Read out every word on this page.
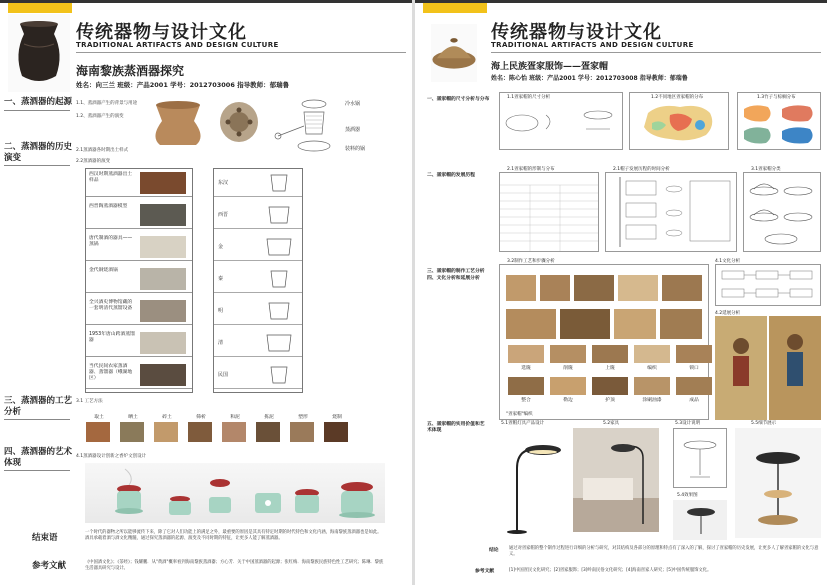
传统器物与设计文化
TRADITIONAL ARTIFACTS AND DESIGN CULTURE
海南黎族蒸酒器探究
姓名：向三兰 班级：产品2001 学号：2012703006 指导教师：郁瑞鲁
一、蒸酒器的起源 1.1、蒸酒器产生的背景与用途
1.2、蒸酒器产生的演变
冷水锅
蒸酒器
装料的锅
二、蒸酒器的历史
演变
2.1蒸酒器各时期出土样式
2.2蒸酒器的演变
西汉时期蒸酒器出土样品
西晋陶蒸酒器模型
唐代制酒的器具——蒸锅
金代铜烧酒锅
全兴酒史博物馆藏的一套明清代蒸馏设备
1953年唐山跨酒蒸馏器
当代民间农家蒸酒器、蒸馏器（峨湖地区）
东汉
西晋
金
秦
明
清
民国
三、蒸酒器的工艺
分析
3.1 工艺方法
取土	晒土	碎土	筛析	和泥	拣泥	塑形	烧制
四、蒸酒器的艺术
体现
4.1蒸酒器设计创新之香炉文创设计
结束语
一个时代的器物之所以能够流传下来，除了它对人们功能上的满足之外，最重要的原因是其具有特定时期的时代特色和文化内涵，海南黎族蒸酒器也是如此。酒具承载着酒与酒文化精髓，通过探究蒸酒器的起源、演变及不同时期的特征，让更多人能了解蒸酒器。
参考文献	《中国酒文化》；《茶经》；钱耀鹏．从"黄酒"概率看到海南黎族蒸酒器；方心芳．关于中国蒸酒器的起源；张红梅．海南黎族民族特色性工艺研究；陈琳．黎族生活器具研究与设计。
传统器物与设计文化
TRADITIONAL ARTIFACTS AND DESIGN CULTURE
海上民族疍家服饰——疍家帽
姓名：陈心怡 班级：产品2001 学号：2012703008 指导教师：郁瑞鲁
一、疍家帽的尺寸分析与分布	1.1疍家帽的尺寸分析	1.2不同地区疍家帽的分布	1.3竹子与棕榈分布
二、疍家帽的发展历程
2.1疍家帽的形制与分布	2.1帽子发展历程的时间分析	3.1疍家帽分类
三、疍家帽的制作工艺分析
四、文化分析和延展分析
选篾	削篾	上篾	编织	锁口
整合	勒边	护顶	涂刷油漆	成品
"疍家帽"编织
3.2制作工艺和步骤分析	4.1文化分析
4.2延展分析
五、疍家帽的实用价值和艺
术体现
5.1疍帽灯具产品设计	5.2家具	5.3设计说明
5.4效果图
5.5细节展示
结论 通过对疍家帽的整个制作过程进行详细的分析与研究，对其结构及各部分的原理和特点有了深入的了解，探讨了疍家帽的历史发展，让更多人了解疍家帽的文化与意义。
参考文献	[1]中国疍民文化研究；[2]疍家服饰；[3]岭南民俗文化研究；[4]海南疍家人研究；[5]中国传统服饰文化。
